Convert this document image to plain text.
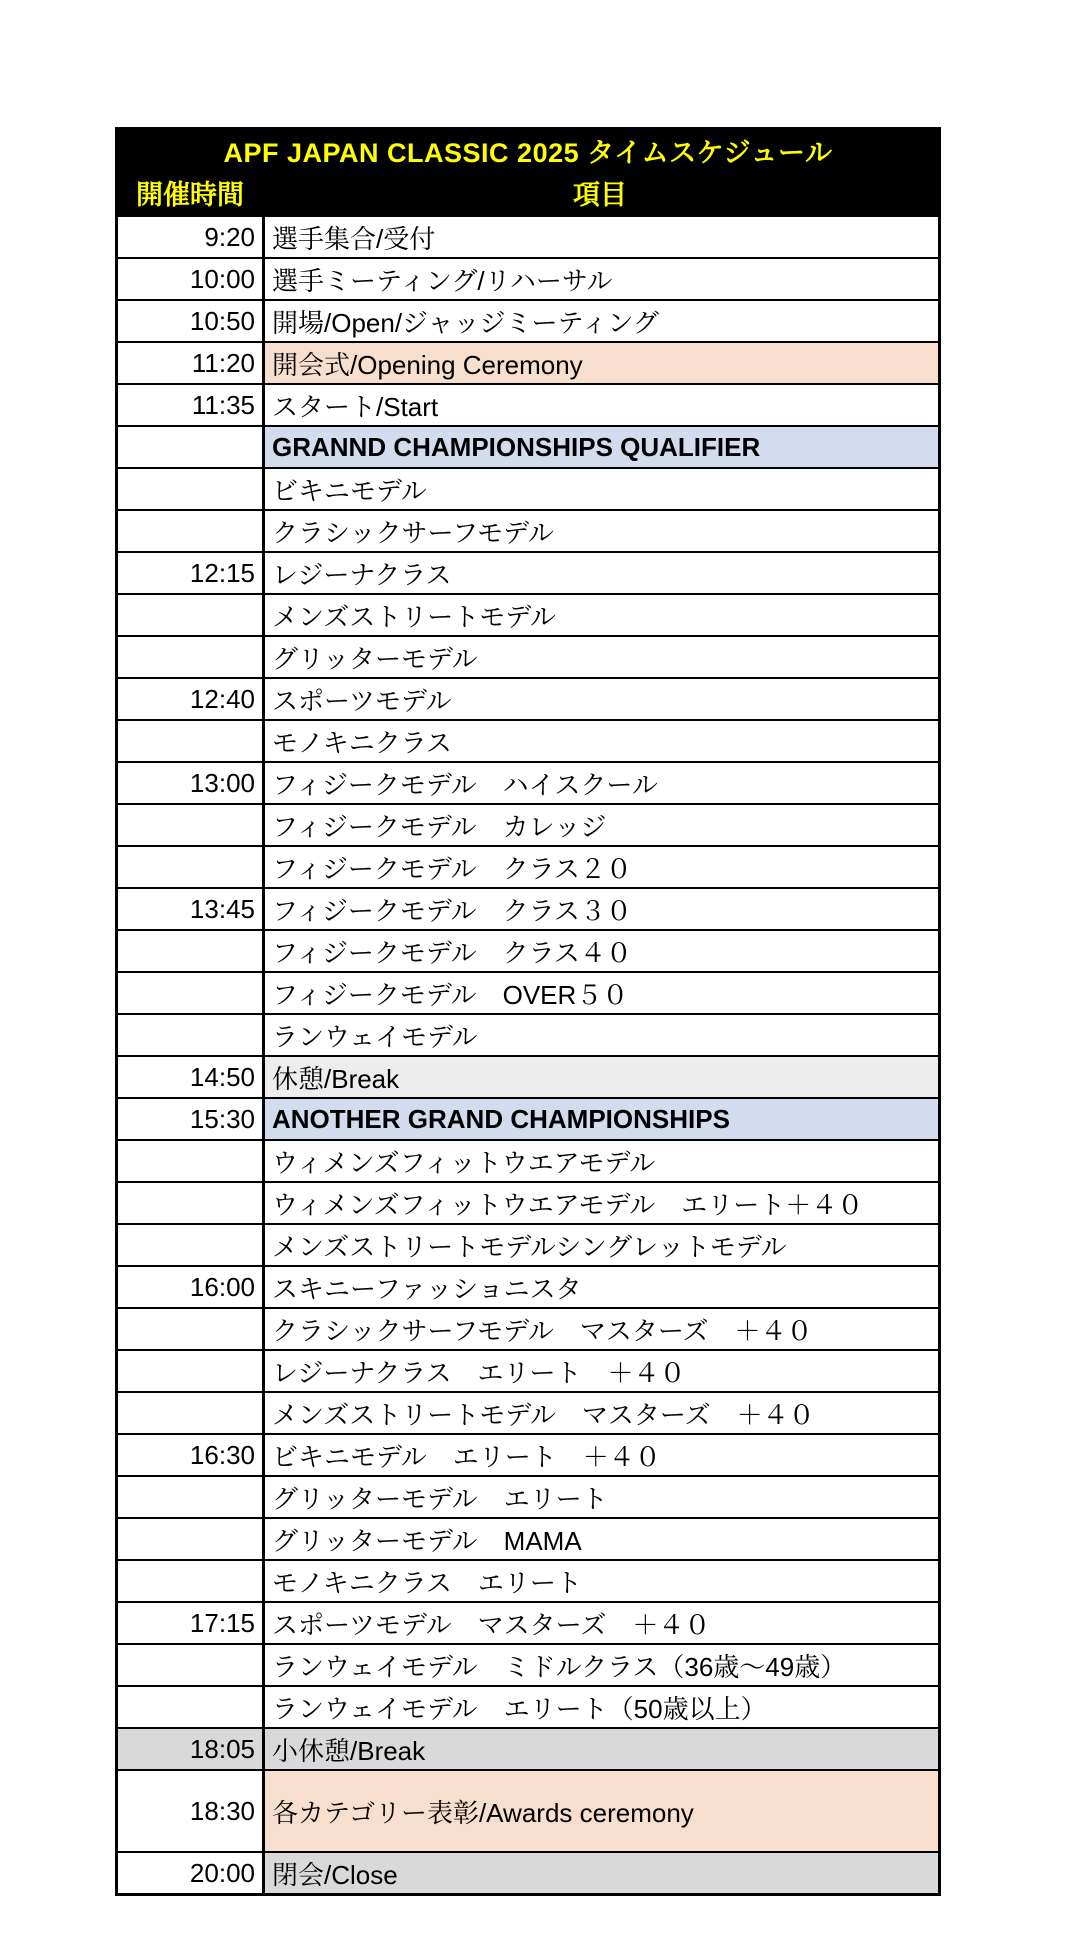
APF JAPAN CLASSIC 2025 タイムスケジュール
開催時間	項目
9:20 選手集合/受付
10:00 選手ミーティング/リハーサル
10:50 開場/Open/ジャッジミーティング
11:20 開会式/Opening Ceremony
11:35 スタート/Start
GRANND CHAMPIONSHIPS QUALIFIER
ビキニモデル
クラシックサーフモデル
12:15 レジーナクラス
メンズストリートモデル
グリッターモデル
12:40 スポーツモデル
モノキニクラス
13:00 フィジークモデル　ハイスクール
フィジークモデル　カレッジ
フィジークモデル　クラス２０
13:45 フィジークモデル　クラス３０
フィジークモデル　クラス４０
フィジークモデル　OVER５０
ランウェイモデル
14:50 休憩/Break
15:30 ANOTHER GRAND CHAMPIONSHIPS
ウィメンズフィットウエアモデル
ウィメンズフィットウエアモデル　エリート＋４０
メンズストリートモデルシングレットモデル
16:00 スキニーファッショニスタ
クラシックサーフモデル　マスターズ　＋４０
レジーナクラス　エリート　＋４０
メンズストリートモデル　マスターズ　＋４０
16:30 ビキニモデル　エリート　＋４０
グリッターモデル　エリート
グリッターモデル　MAMA
モノキニクラス　エリート
17:15 スポーツモデル　マスターズ　＋４０
ランウェイモデル　ミドルクラス（36歳～49歳）
ランウェイモデル　エリート（50歳以上）
18:05 小休憩/Break
18:30 各カテゴリー表彰/Awards ceremony
20:00 閉会/Close
